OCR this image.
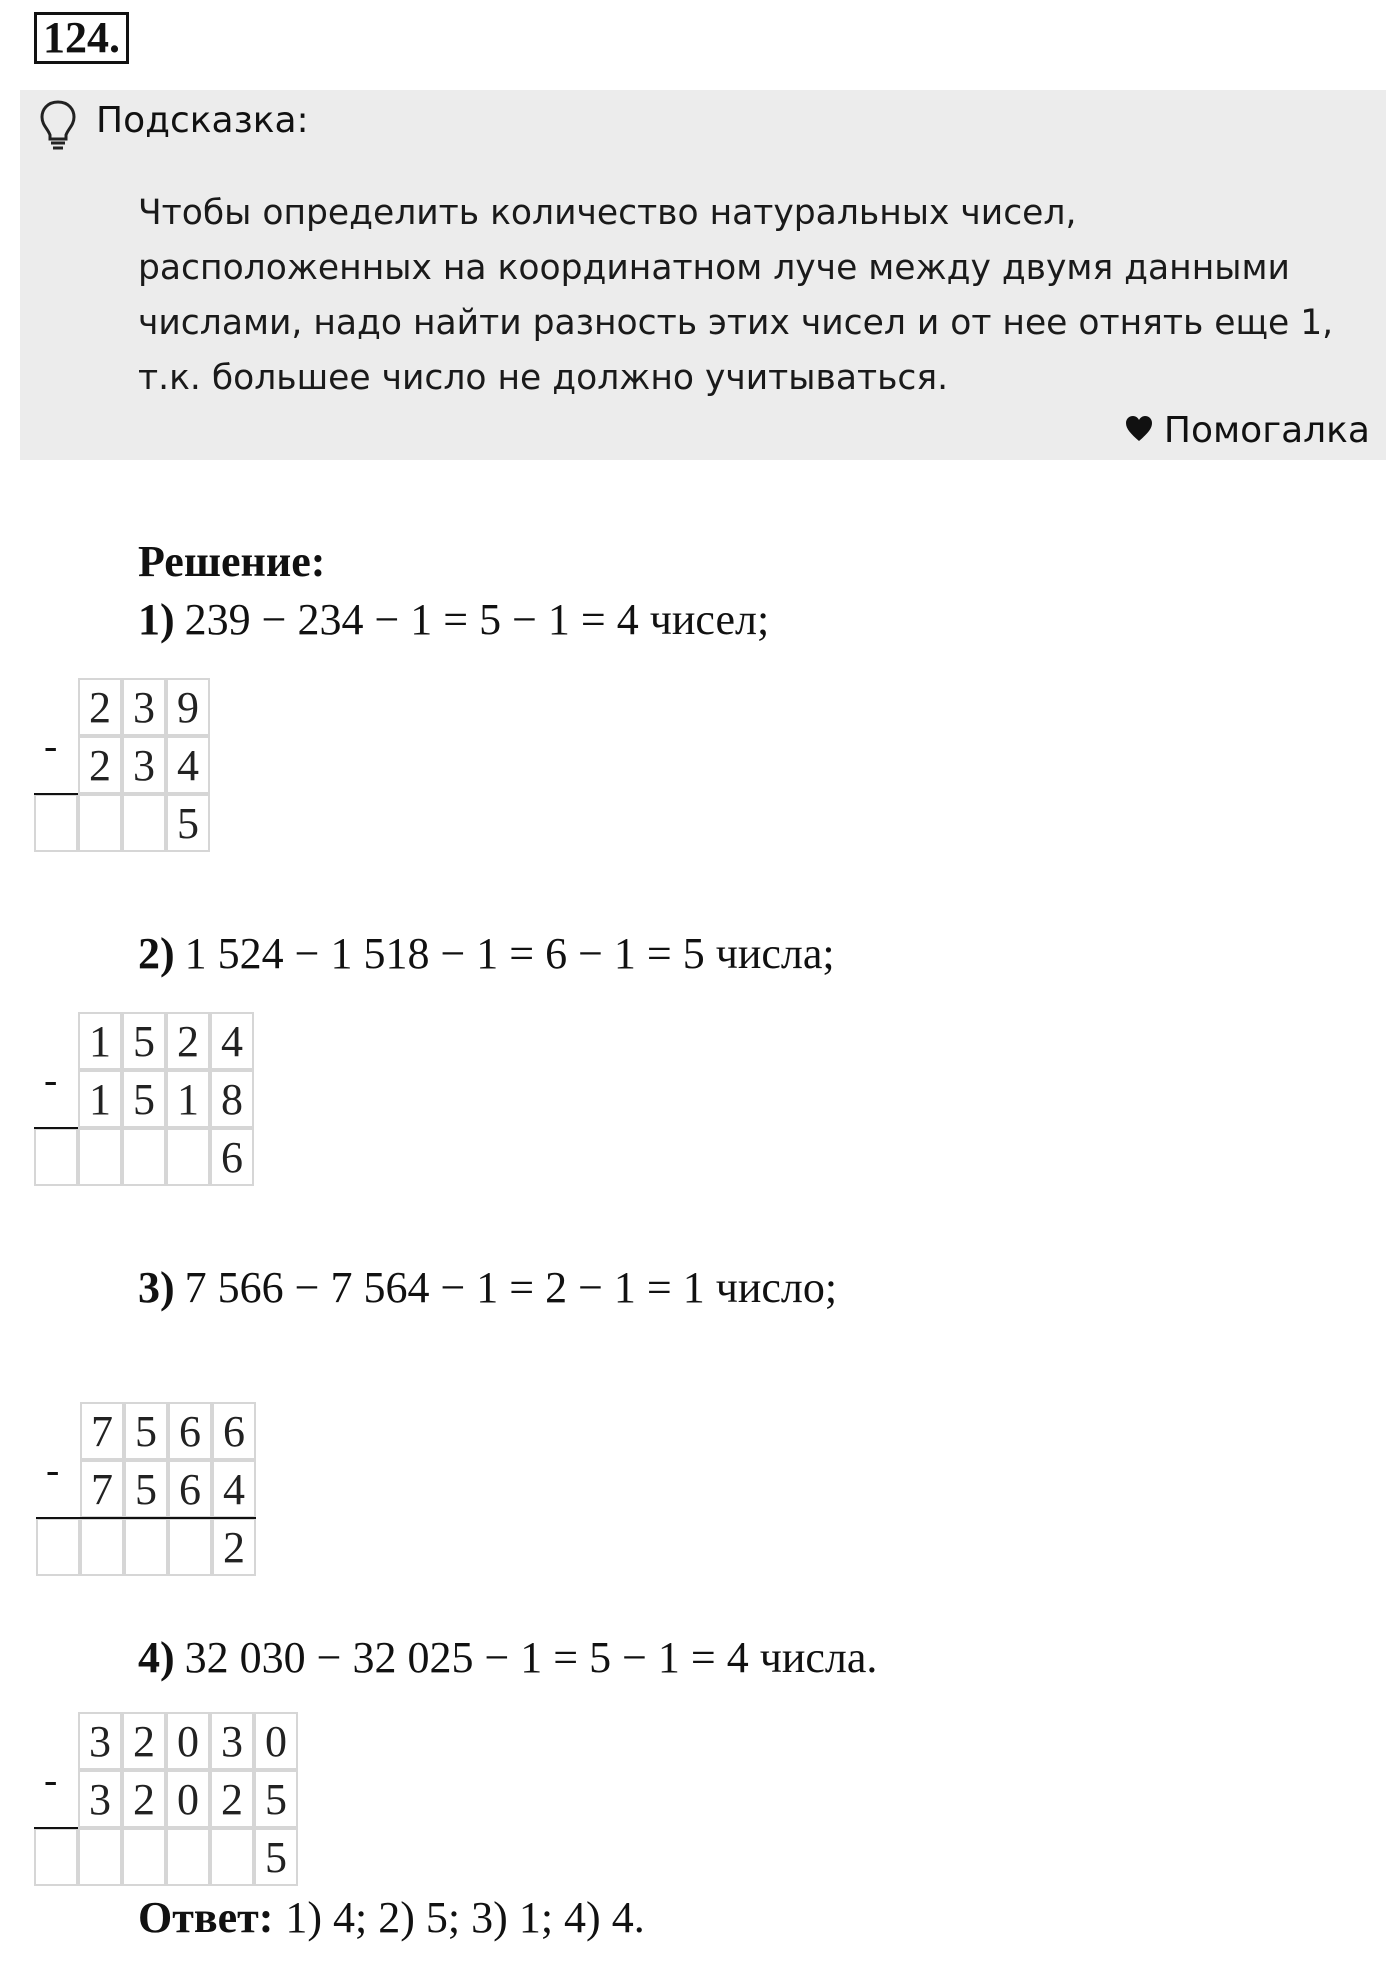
124.
Подсказка:
Чтобы определить количество натуральных чисел,
расположенных на координатном луче между двумя данными
числами, надо найти разность этих чисел и от нее отнять еще 1,
т.к. большее число не должно учитываться.
Помогалка
Решение:
1) 239 − 234 − 1 = 5 − 1 = 4 чисел;
2) 1 524 − 1 518 − 1 = 6 − 1 = 5 числа;
3) 7 566 − 7 564 − 1 = 2 − 1 = 1 число;
4) 32 030 − 32 025 − 1 = 5 − 1 = 4 числа.
-
2 3 9
2 3 4
5
-
1 5 2 4
1 5 1 8
6
-
7 5 6 6
7 5 6 4
2
-
3 2 0 3 0
3 2 0 2 5
5
Ответ: 1) 4; 2) 5; 3) 1; 4) 4.
